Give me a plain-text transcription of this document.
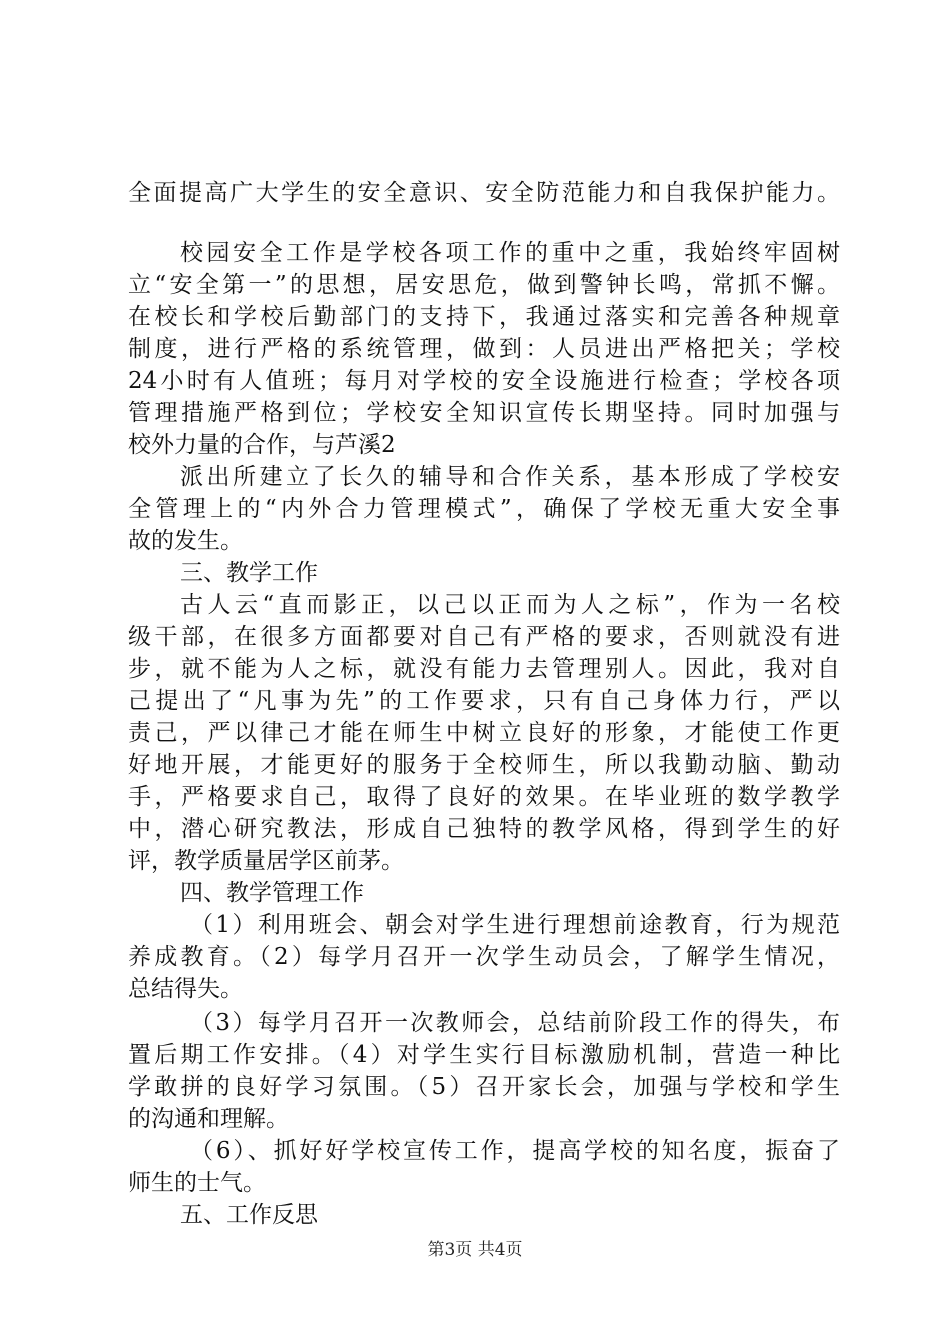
全面提高广大学生的安全意识、安全防范能力和自我保护能力。
校园安全工作是学校各项工作的重中之重，我始终牢固树
立“安全第一”的思想，居安思危，做到警钟长鸣，常抓不懈。
在校长和学校后勤部门的支持下，我通过落实和完善各种规章
制度，进行严格的系统管理，做到：人员进出严格把关；学校
24小时有人值班；每月对学校的安全设施进行检查；学校各项
管理措施严格到位；学校安全知识宣传长期坚持。同时加强与
校外力量的合作，与芦溪2
派出所建立了长久的辅导和合作关系，基本形成了学校安
全管理上的“内外合力管理模式”，确保了学校无重大安全事
故的发生。
三、教学工作
古人云“直而影正，以己以正而为人之标”，作为一名校
级干部，在很多方面都要对自己有严格的要求，否则就没有进
步，就不能为人之标，就没有能力去管理别人。因此，我对自
己提出了“凡事为先”的工作要求，只有自己身体力行，严以
责己，严以律己才能在师生中树立良好的形象，才能使工作更
好地开展，才能更好的服务于全校师生，所以我勤动脑、勤动
手，严格要求自己，取得了良好的效果。在毕业班的数学教学
中，潜心研究教法，形成自己独特的教学风格，得到学生的好
评，教学质量居学区前茅。
四、教学管理工作
（1）利用班会、朝会对学生进行理想前途教育，行为规范
养成教育。（2）每学月召开一次学生动员会，了解学生情况，
总结得失。
（3）每学月召开一次教师会，总结前阶段工作的得失，布
置后期工作安排。（4）对学生实行目标激励机制，营造一种比
学敢拼的良好学习氛围。（5）召开家长会，加强与学校和学生
的沟通和理解。
（6）、抓好好学校宣传工作，提高学校的知名度，振奋了
师生的士气。
五、工作反思
第3页 共4页
